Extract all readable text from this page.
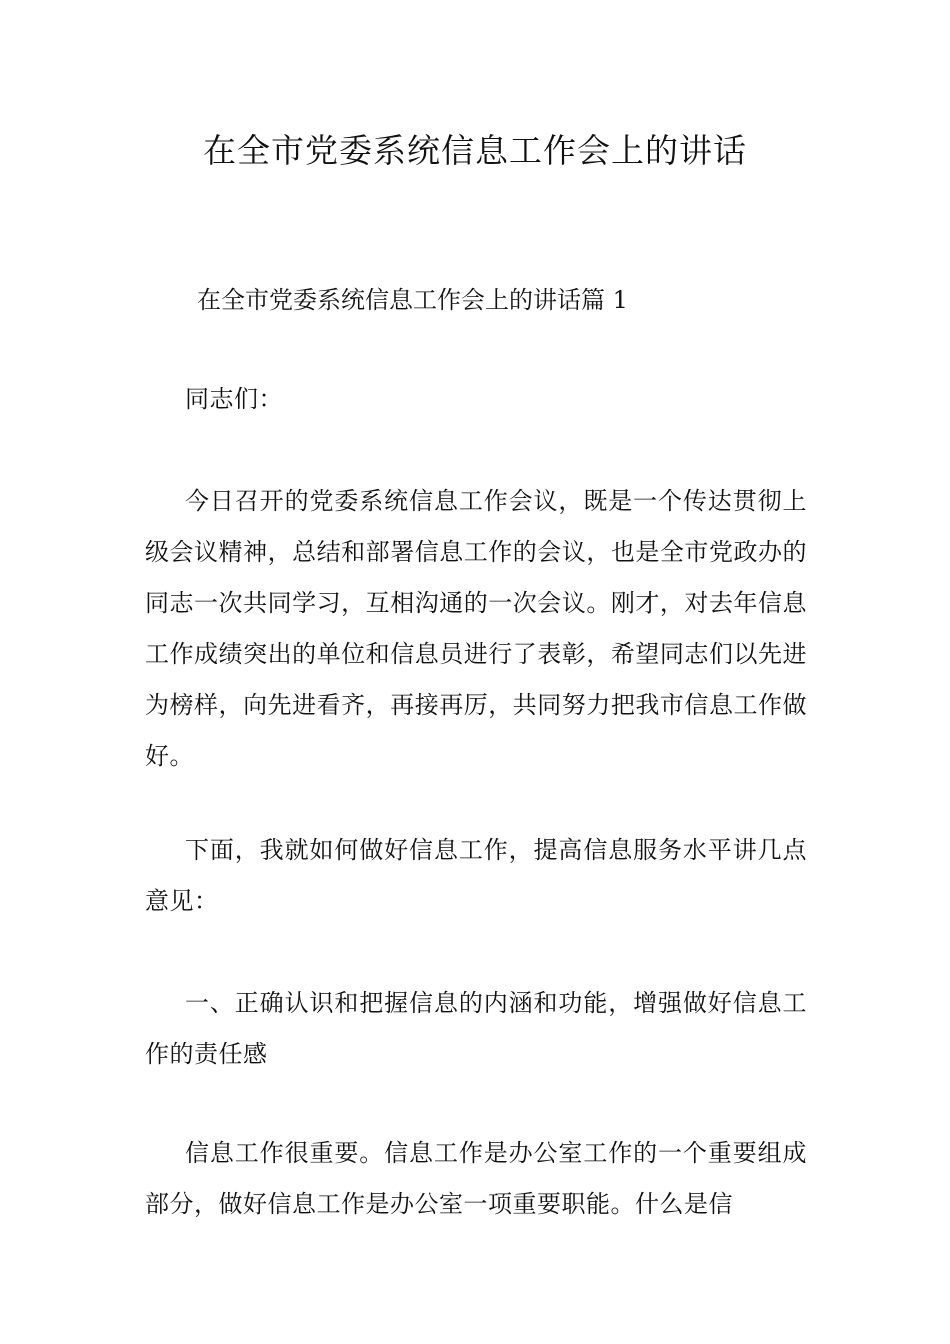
在全市党委系统信息工作会上的讲话

在全市党委系统信息工作会上的讲话篇 1

同志们：

今日召开的党委系统信息工作会议，既是一个传达贯彻上级会议精神，总结和部署信息工作的会议，也是全市党政办的同志一次共同学习，互相沟通的一次会议。刚才，对去年信息工作成绩突出的单位和信息员进行了表彰，希望同志们以先进为榜样，向先进看齐，再接再厉，共同努力把我市信息工作做好。

下面，我就如何做好信息工作，提高信息服务水平讲几点意见：

一、正确认识和把握信息的内涵和功能，增强做好信息工作的责任感

信息工作很重要。信息工作是办公室工作的一个重要组成部分，做好信息工作是办公室一项重要职能。什么是信
